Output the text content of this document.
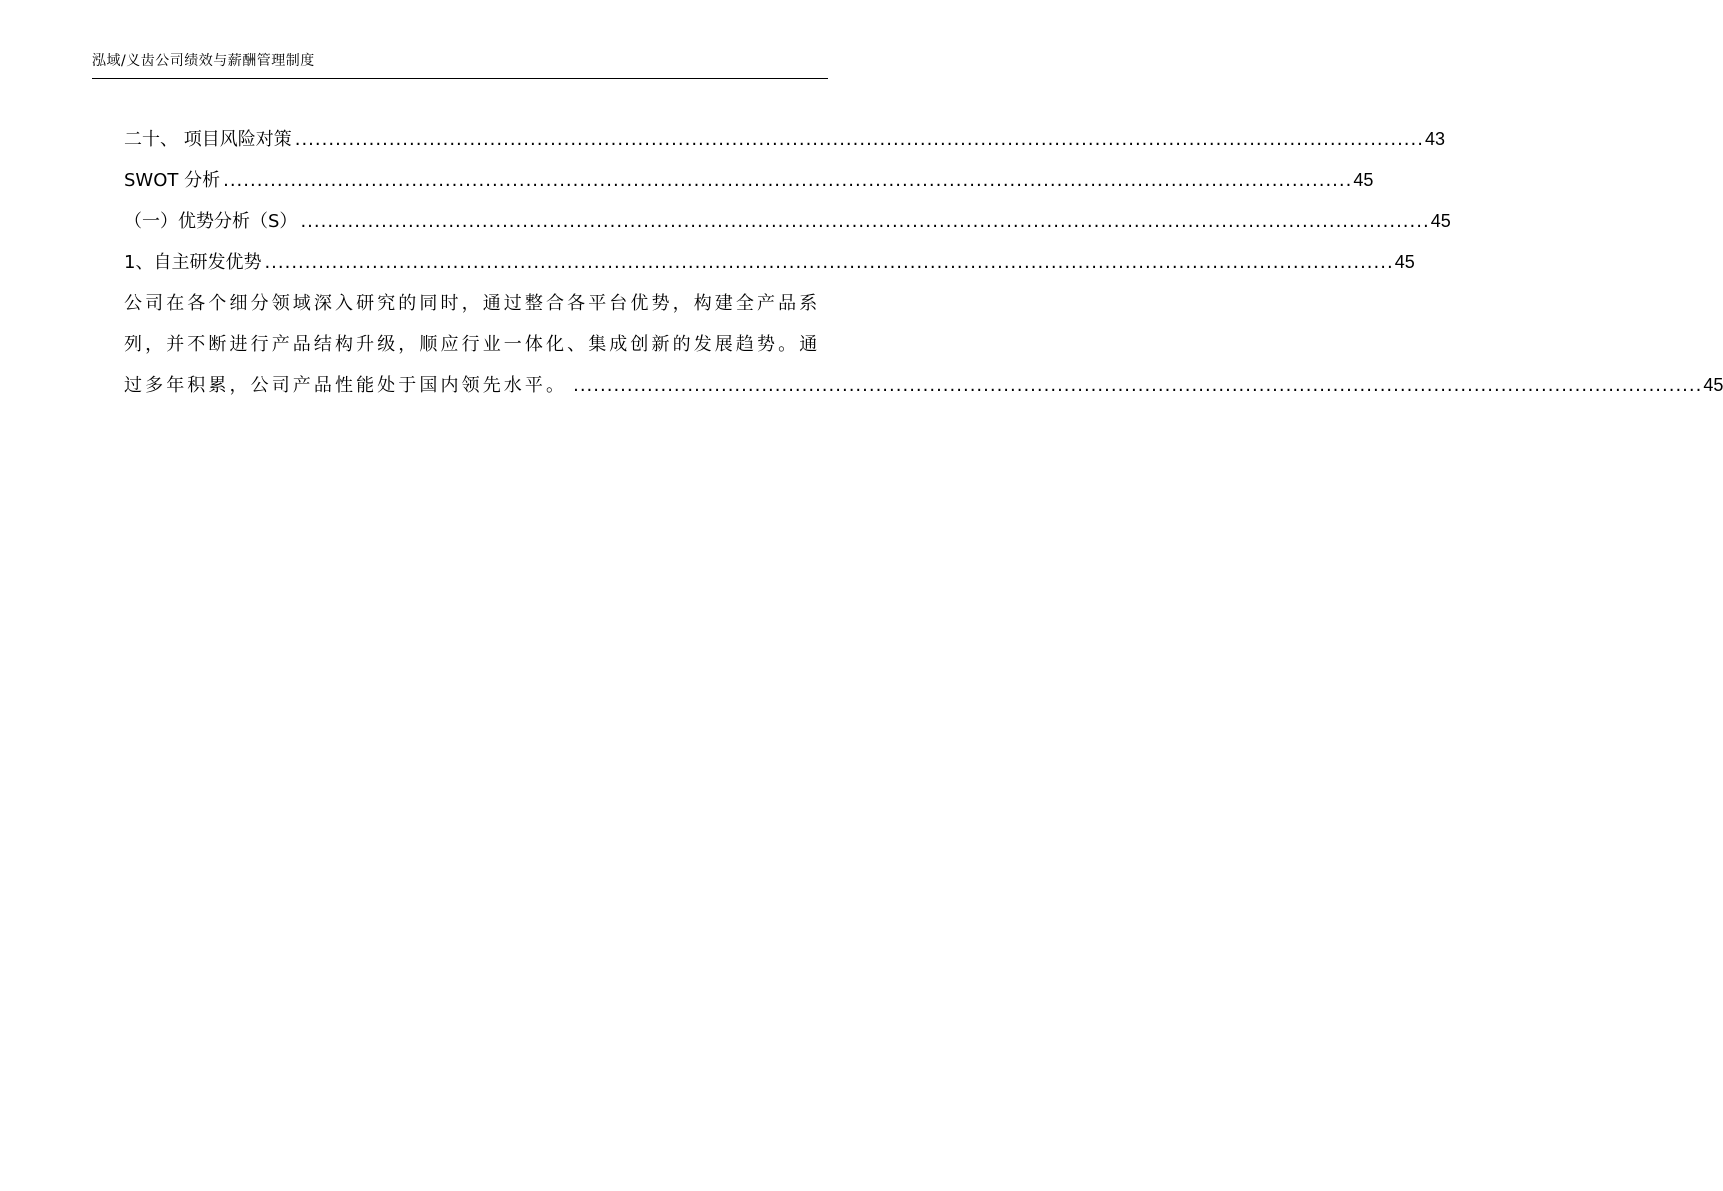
泓域/义齿公司绩效与薪酬管理制度
二十、 项目风险对策 ........................................................................................................................................................................ 43
SWOT 分析 ........................................................................................................................................................................ 45
（一）优势分析（S） ........................................................................................................................................................................ 45
1、自主研发优势 ........................................................................................................................................................................ 45
公司在各个细分领域深入研究的同时，通过整合各平台优势，构建全产品系
列，并不断进行产品结构升级，顺应行业一体化、集成创新的发展趋势。通
过多年积累，公司产品性能处于国内领先水平。 ........................................................................................................................................................................ 45
